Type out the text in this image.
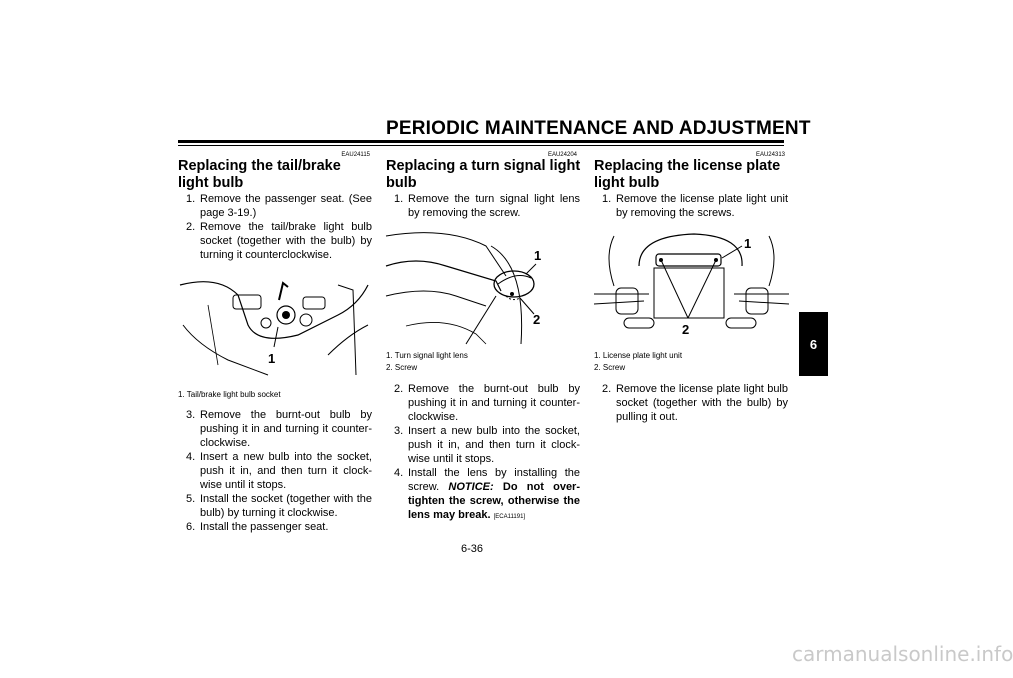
PERIODIC MAINTENANCE AND ADJUSTMENT
6
EAU24115
Replacing the tail/brake light bulb
1. Remove the passenger seat. (See page 3-19.)
2. Remove the tail/brake light bulb socket (together with the bulb) by turning it counterclockwise.
1
1. Tail/brake light bulb socket
3. Remove the burnt-out bulb by pushing it in and turning it counter-clockwise.
4. Insert a new bulb into the socket, push it in, and then turn it clock-wise until it stops.
5. Install the socket (together with the bulb) by turning it clockwise.
6. Install the passenger seat.
EAU24204
Replacing a turn signal light bulb
1. Remove the turn signal light lens by removing the screw.
1
2
1. Turn signal light lens
2. Screw
2. Remove the burnt-out bulb by pushing it in and turning it counter-clockwise.
3. Insert a new bulb into the socket, push it in, and then turn it clock-wise until it stops.
4. Install the lens by installing the screw. NOTICE: Do not over-tighten the screw, otherwise the lens may break. [ECA11191]
EAU24313
Replacing the license plate light bulb
1. Remove the license plate light unit by removing the screws.
1
2
1. License plate light unit
2. Screw
2. Remove the license plate light bulb socket (together with the bulb) by pulling it out.
6-36
carmanualsonline.info
